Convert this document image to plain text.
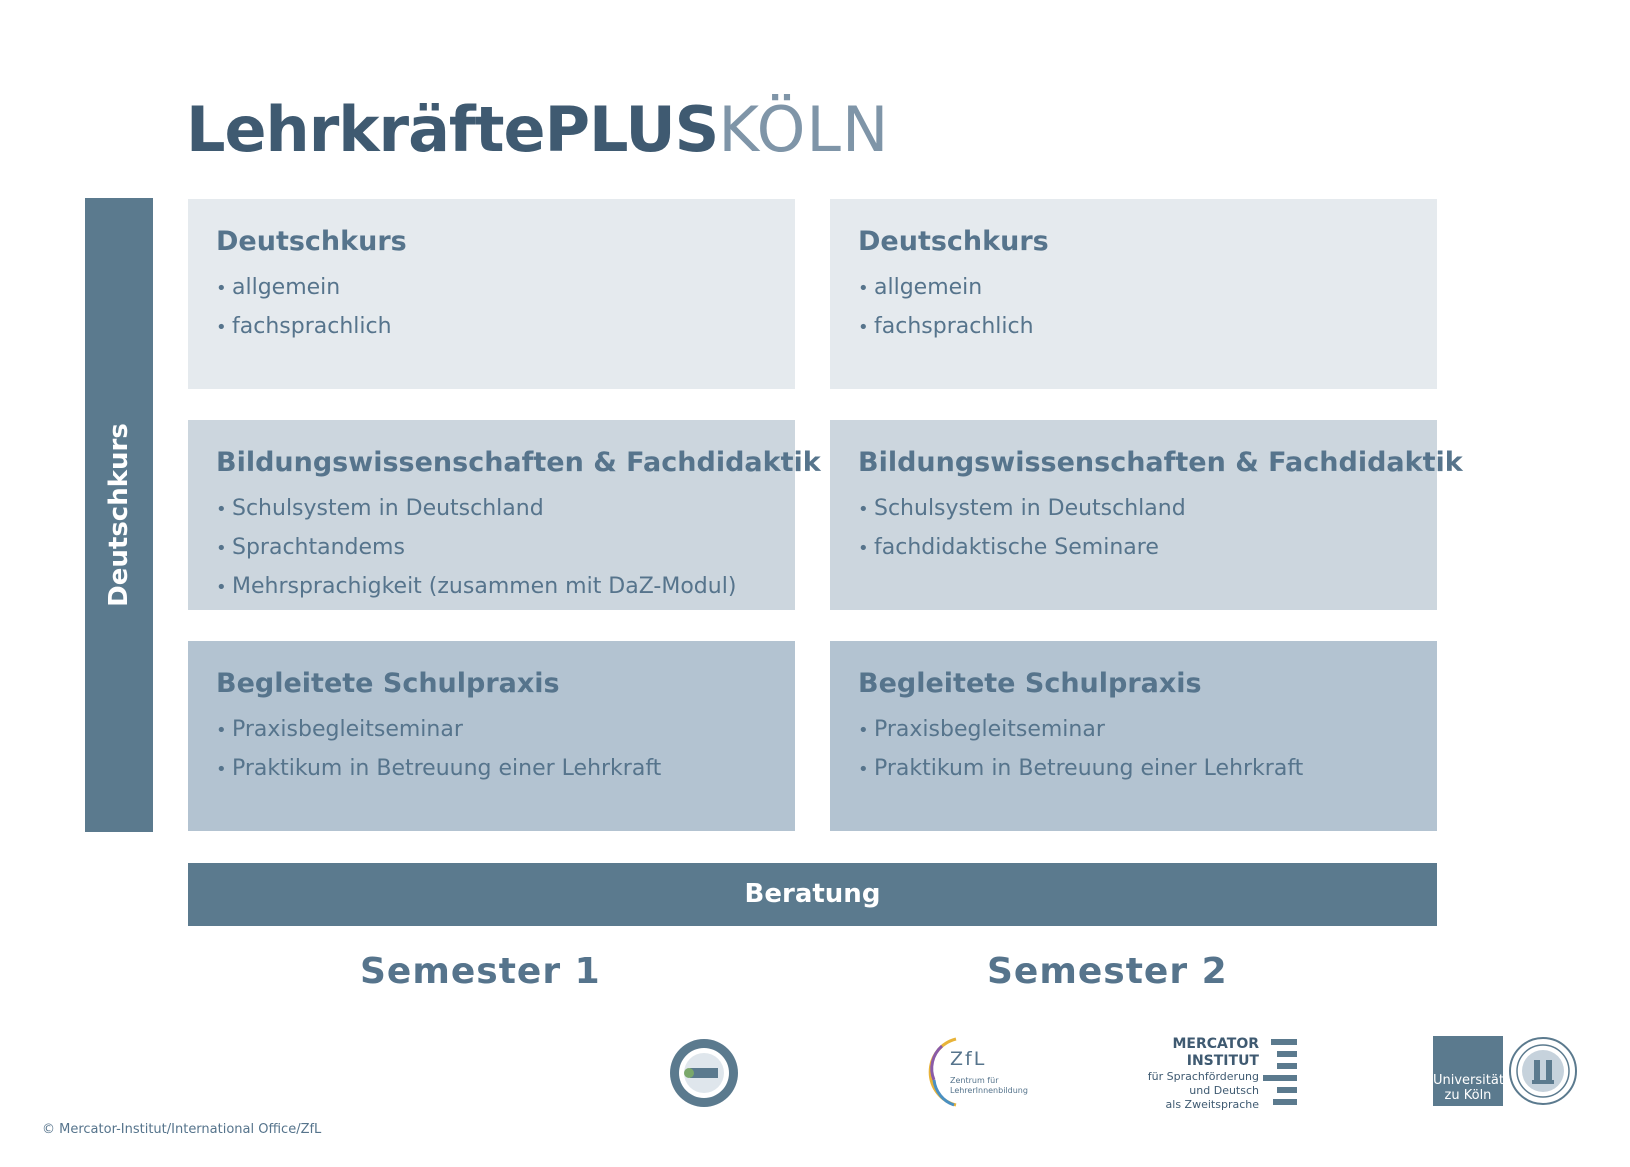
LehrkräftePLUSKÖLN
Deutschkurs
Deutschkurs
• allgemein
• fachsprachlich
Bildungswissenschaften & Fachdidaktik
• Schulsystem in Deutschland
• Sprachtandems
• Mehrsprachigkeit (zusammen mit DaZ-Modul)
Begleitete Schulpraxis
• Praxisbegleitseminar
• Praktikum in Betreuung einer Lehrkraft
Deutschkurs
• allgemein
• fachsprachlich
Bildungswissenschaften & Fachdidaktik
• Schulsystem in Deutschland
• fachdidaktische Seminare
Begleitete Schulpraxis
• Praxisbegleitseminar
• Praktikum in Betreuung einer Lehrkraft
Beratung
Semester 1	Semester 2
ZfL
Zentrum für
LehrerInnenbildung
MERCATOR
INSTITUT
für Sprachförderung
und Deutsch
als Zweitsprache
Universität
zu Köln
© Mercator-Institut/International Office/ZfL
